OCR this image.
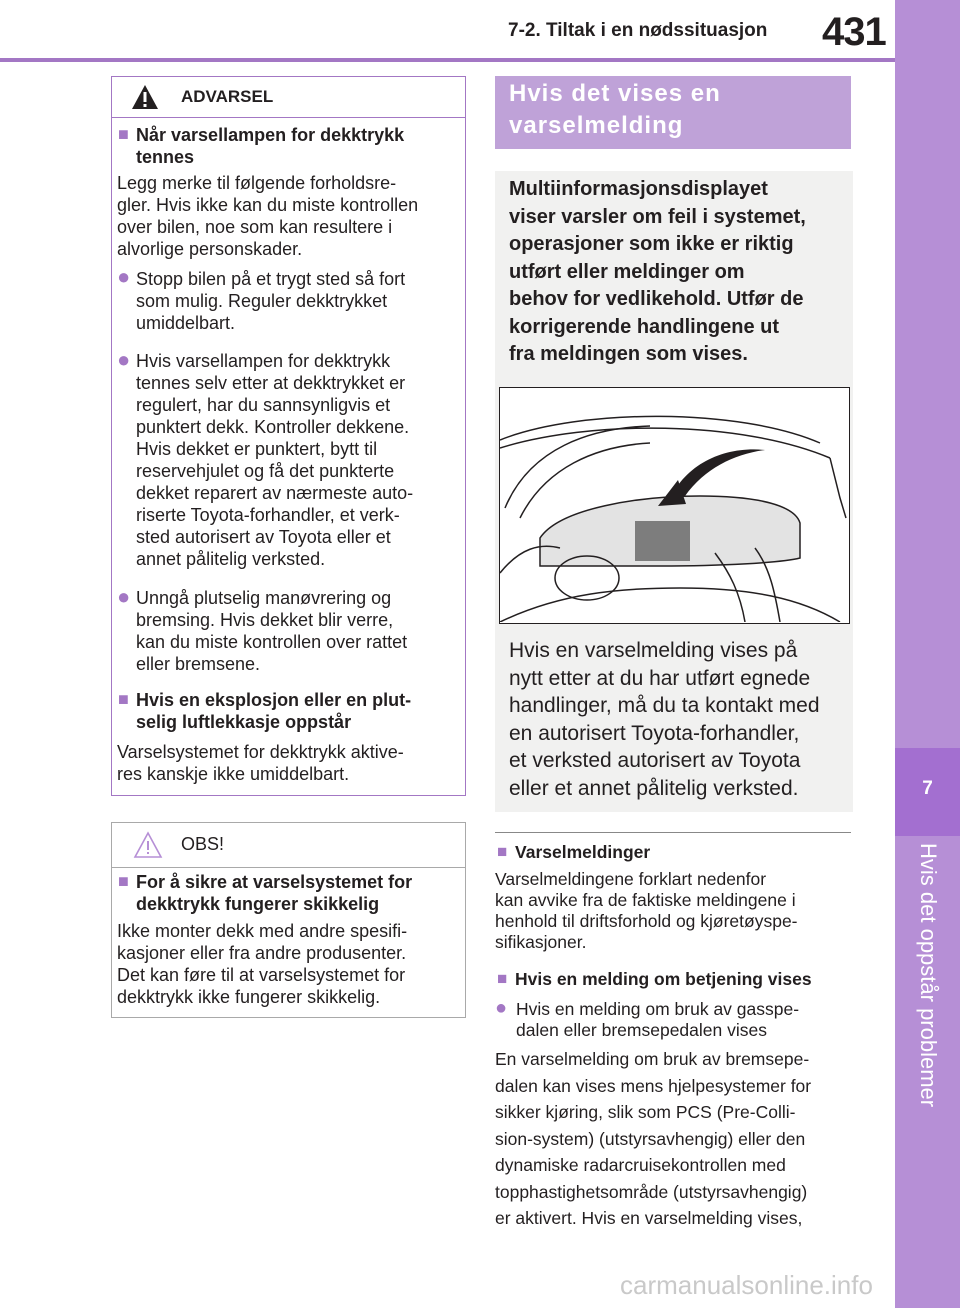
7-2. Tiltak i en nødssituasjon 431
7
Hvis det oppstår problemer
ADVARSEL
■ Når varsellampen for dekktrykk
tennes
Legg merke til følgende forholdsre-
gler. Hvis ikke kan du miste kontrollen
over bilen, noe som kan resultere i
alvorlige personskader.
● Stopp bilen på et trygt sted så fort
som mulig. Reguler dekktrykket
umiddelbart.
● Hvis varsellampen for dekktrykk
tennes selv etter at dekktrykket er
regulert, har du sannsynligvis et
punktert dekk. Kontroller dekkene.
Hvis dekket er punktert, bytt til
reservehjulet og få det punkterte
dekket reparert av nærmeste auto-
riserte Toyota-forhandler, et verk-
sted autorisert av Toyota eller et
annet pålitelig verksted.
● Unngå plutselig manøvrering og
bremsing. Hvis dekket blir verre,
kan du miste kontrollen over rattet
eller bremsene.
■ Hvis en eksplosjon eller en plut-
selig luftlekkasje oppstår
Varselsystemet for dekktrykk aktive-
res kanskje ikke umiddelbart.
OBS!
■ For å sikre at varselsystemet for
dekktrykk fungerer skikkelig
Ikke monter dekk med andre spesifi-
kasjoner eller fra andre produsenter.
Det kan føre til at varselsystemet for
dekktrykk ikke fungerer skikkelig.
Hvis det vises en
varselmelding
Multiinformasjonsdisplayet
viser varsler om feil i systemet,
operasjoner som ikke er riktig
utført eller meldinger om
behov for vedlikehold. Utfør de
korrigerende handlingene ut
fra meldingen som vises.
Hvis en varselmelding vises på
nytt etter at du har utført egnede
handlinger, må du ta kontakt med
en autorisert Toyota-forhandler,
et verksted autorisert av Toyota
eller et annet pålitelig verksted.
■ Varselmeldinger
Varselmeldingene forklart nedenfor
kan avvike fra de faktiske meldingene i
henhold til driftsforhold og kjøretøyspe-
sifikasjoner.
■ Hvis en melding om betjening vises
● Hvis en melding om bruk av gasspe-
dalen eller bremsepedalen vises
En varselmelding om bruk av bremsepe-
dalen kan vises mens hjelpesystemer for
sikker kjøring, slik som PCS (Pre-Colli-
sion-system) (utstyrsavhengig) eller den
dynamiske radarcruisekontrollen med
topphastighetsområde (utstyrsavhengig)
er aktivert. Hvis en varselmelding vises,
carmanualsonline.info
